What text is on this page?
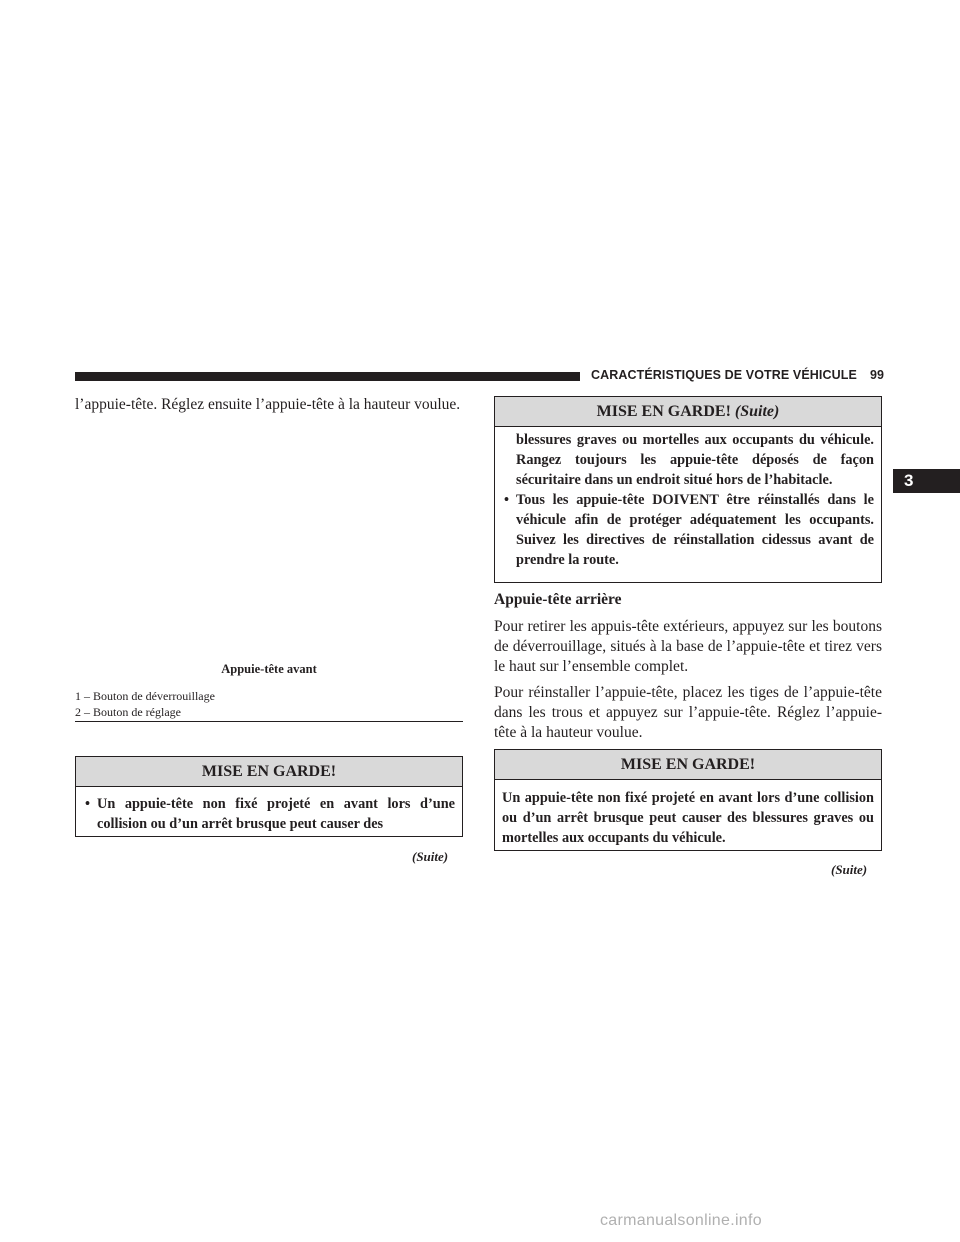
CARACTÉRISTIQUES DE VOTRE VÉHICULE 99
3
l’appuie-tête. Réglez ensuite l’appuie-tête à la hauteur voulue.
Appuie-tête avant
1 – Bouton de déverrouillage
2 – Bouton de réglage
MISE EN GARDE!
• Un appuie-tête non fixé projeté en avant lors d’une collision ou d’un arrêt brusque peut causer des
(Suite)
MISE EN GARDE! (Suite)
blessures graves ou mortelles aux occupants du véhicule. Rangez toujours les appuie-tête déposés de façon sécuritaire dans un endroit situé hors de l’habitacle.
• Tous les appuie-tête DOIVENT être réinstallés dans le véhicule afin de protéger adéquatement les occupants. Suivez les directives de réinstallation cidessus avant de prendre la route.
Appuie-tête arrière
Pour retirer les appuis-tête extérieurs, appuyez sur les boutons de déverrouillage, situés à la base de l’appuie-tête et tirez vers le haut sur l’ensemble complet.
Pour réinstaller l’appuie-tête, placez les tiges de l’appuie-tête dans les trous et appuyez sur l’appuie-tête. Réglez l’appuie-tête à la hauteur voulue.
MISE EN GARDE!
Un appuie-tête non fixé projeté en avant lors d’une collision ou d’un arrêt brusque peut causer des blessures graves ou mortelles aux occupants du véhicule.
(Suite)
carmanualsonline.info
